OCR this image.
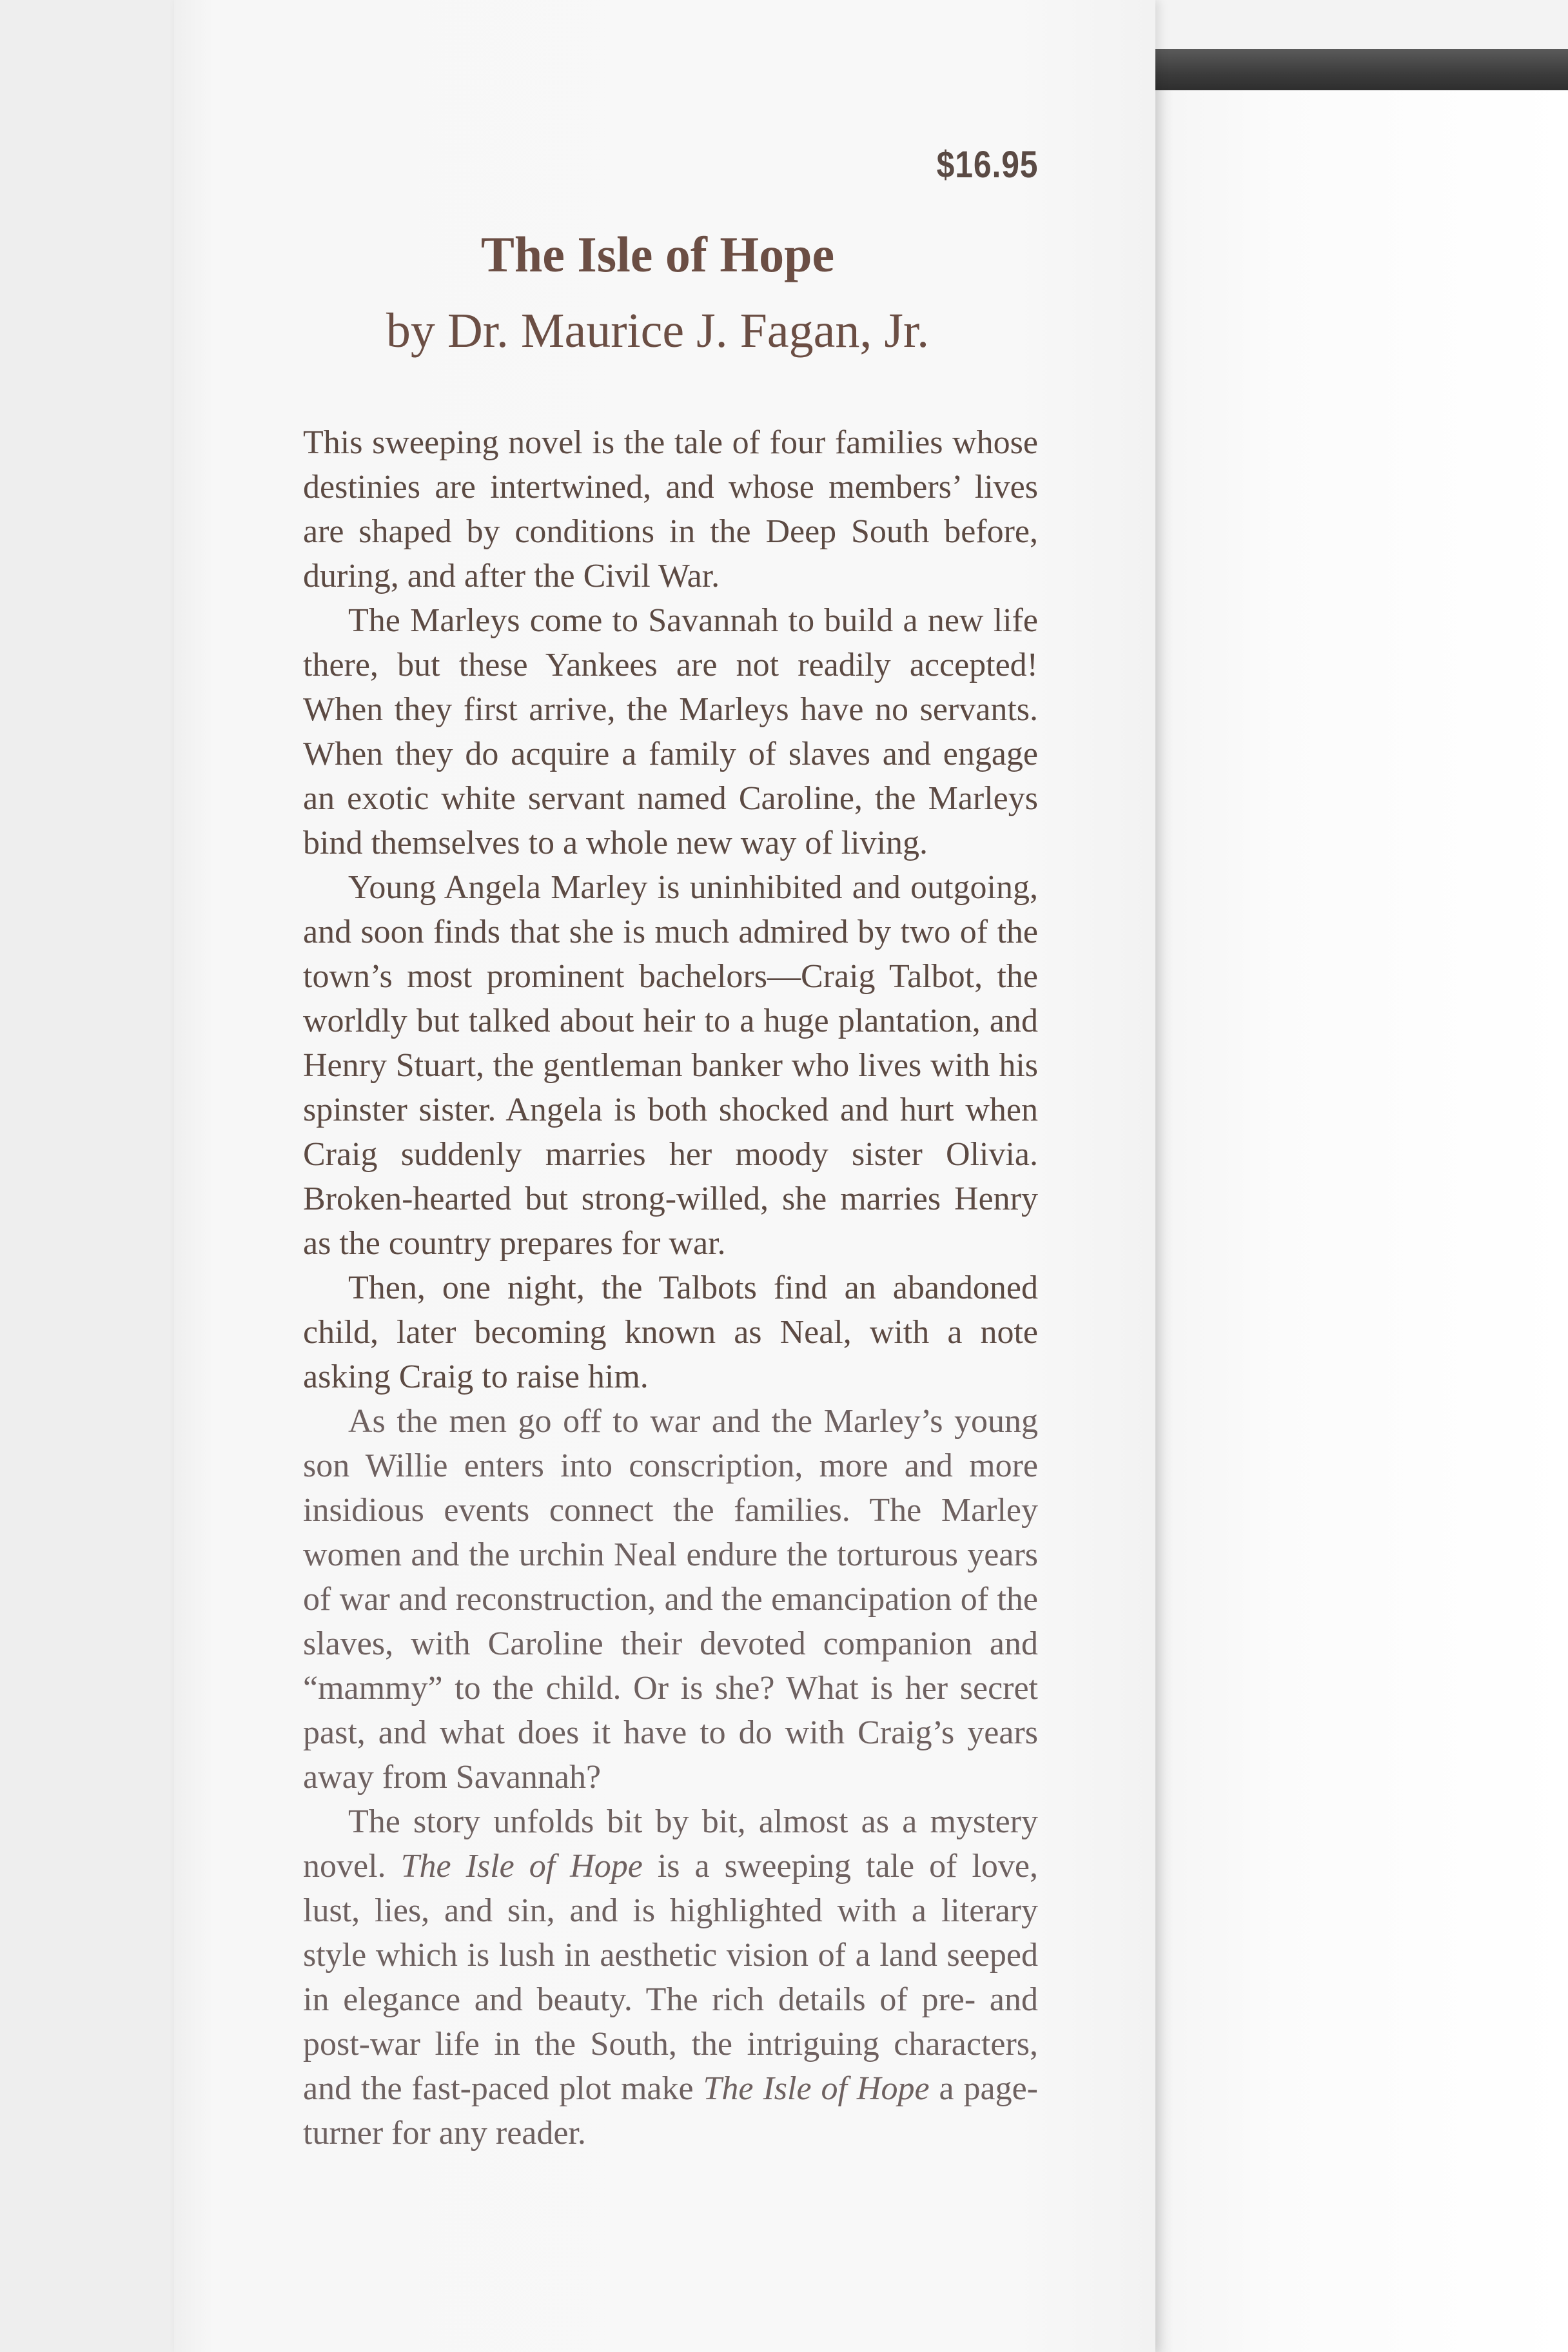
$16.95
The Isle of Hope
by Dr. Maurice J. Fagan, Jr.

This sweeping novel is the tale of four families whose destinies are intertwined, and whose members’ lives are shaped by conditions in the Deep South before, during, and after the Civil War.

The Marleys come to Savannah to build a new life there, but these Yankees are not readily accepted! When they first arrive, the Marleys have no servants. When they do acquire a family of slaves and engage an exotic white servant named Caroline, the Marleys bind themselves to a whole new way of living.

Young Angela Marley is uninhibited and outgoing, and soon finds that she is much admired by two of the town’s most prominent bachelors—Craig Talbot, the worldly but talked about heir to a huge plantation, and Henry Stuart, the gentleman banker who lives with his spinster sister. Angela is both shocked and hurt when Craig suddenly marries her moody sister Olivia. Broken-hearted but strong-willed, she marries Henry as the country prepares for war.

Then, one night, the Talbots find an abandoned child, later becoming known as Neal, with a note asking Craig to raise him.

As the men go off to war and the Marley’s young son Willie enters into conscription, more and more insidious events connect the families. The Marley women and the urchin Neal endure the torturous years of war and reconstruction, and the emancipation of the slaves, with Caroline their devoted companion and “mammy” to the child. Or is she? What is her secret past, and what does it have to do with Craig’s years away from Savannah?

The story unfolds bit by bit, almost as a mystery novel. The Isle of Hope is a sweeping tale of love, lust, lies, and sin, and is highlighted with a literary style which is lush in aesthetic vision of a land seeped in elegance and beauty. The rich details of pre- and post-war life in the South, the intriguing characters, and the fast-paced plot make The Isle of Hope a page-turner for any reader.
